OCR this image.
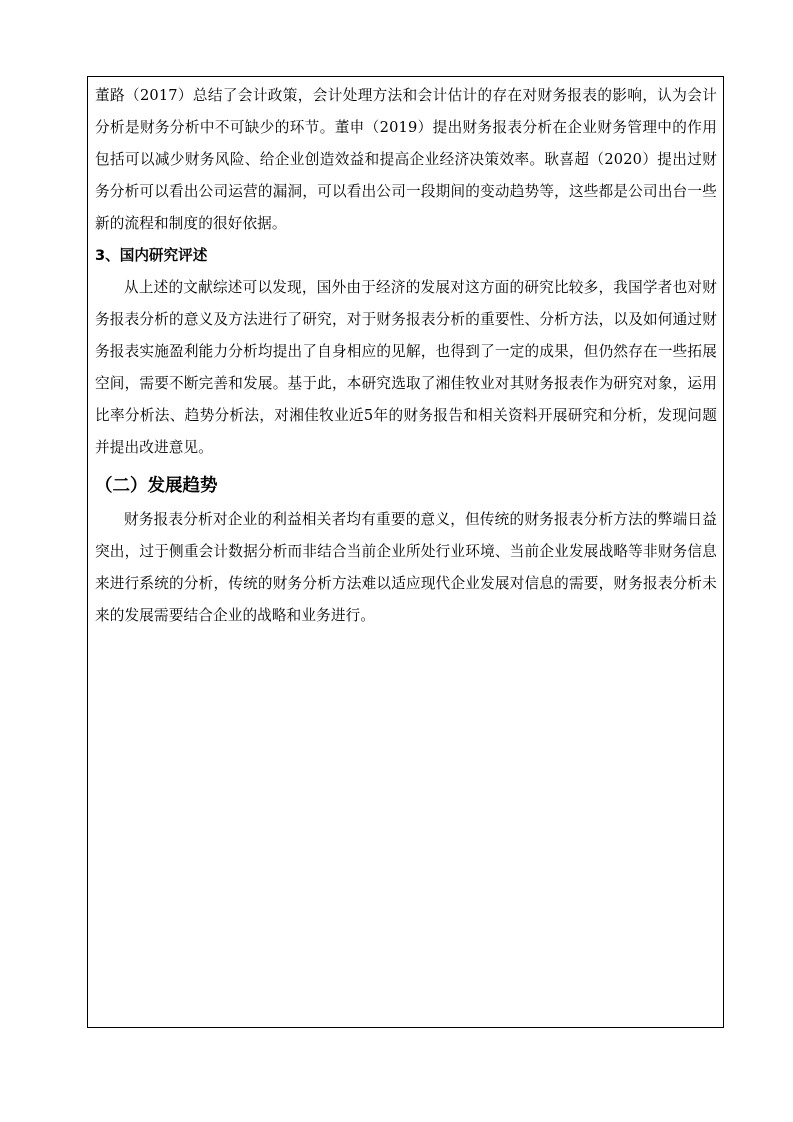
董路（2017）总结了会计政策，会计处理方法和会计估计的存在对财务报表的影响，认为会计分析是财务分析中不可缺少的环节。董申（2019）提出财务报表分析在企业财务管理中的作用包括可以减少财务风险、给企业创造效益和提高企业经济决策效率。耿喜超（2020）提出过财务分析可以看出公司运营的漏洞，可以看出公司一段期间的变动趋势等，这些都是公司出台一些新的流程和制度的很好依据。

3、国内研究评述

从上述的文献综述可以发现，国外由于经济的发展对这方面的研究比较多，我国学者也对财务报表分析的意义及方法进行了研究，对于财务报表分析的重要性、分析方法，以及如何通过财务报表实施盈利能力分析均提出了自身相应的见解，也得到了一定的成果，但仍然存在一些拓展空间，需要不断完善和发展。基于此，本研究选取了湘佳牧业对其财务报表作为研究对象，运用比率分析法、趋势分析法，对湘佳牧业近5年的财务报告和相关资料开展研究和分析，发现问题并提出改进意见。

（二）发展趋势

财务报表分析对企业的利益相关者均有重要的意义，但传统的财务报表分析方法的弊端日益突出，过于侧重会计数据分析而非结合当前企业所处行业环境、当前企业发展战略等非财务信息来进行系统的分析，传统的财务分析方法难以适应现代企业发展对信息的需要，财务报表分析未来的发展需要结合企业的战略和业务进行。
